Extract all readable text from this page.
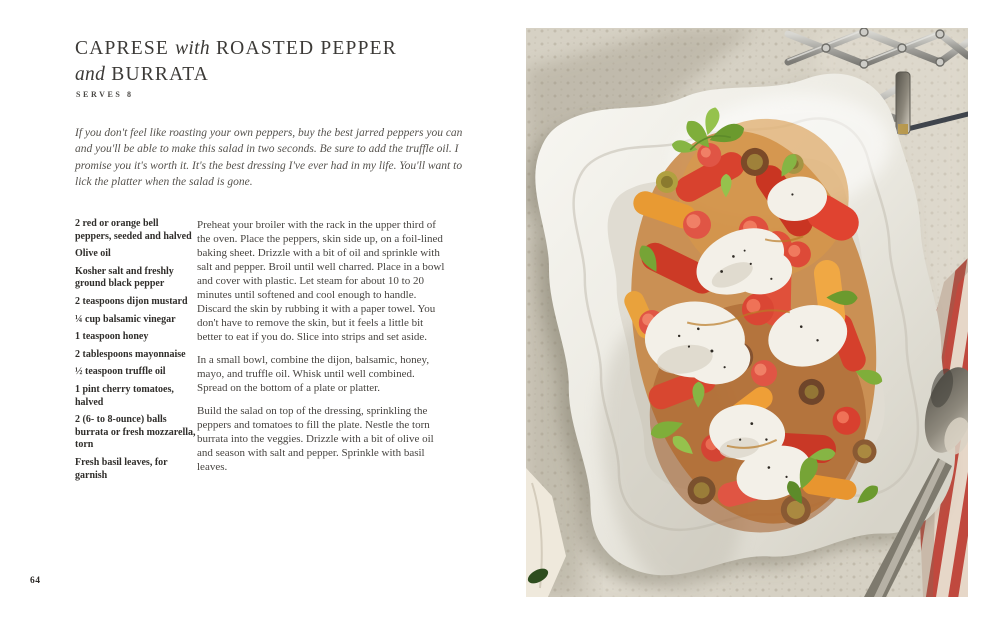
CAPRESE with ROASTED PEPPER
and BURRATA
SERVES 8

If you don't feel like roasting your own peppers, buy the best jarred peppers you can and you'll be able to make this salad in two seconds. Be sure to add the truffle oil. I promise you it's worth it. It's the best dressing I've ever had in my life. You'll want to lick the platter when the salad is gone.

2 red or orange bell peppers, seeded and halved

Olive oil

Kosher salt and freshly ground black pepper

2 teaspoons dijon mustard

¼ cup balsamic vinegar

1 teaspoon honey

2 tablespoons mayonnaise

½ teaspoon truffle oil

1 pint cherry tomatoes, halved

2 (6- to 8-ounce) balls burrata or fresh mozzarella, torn

Fresh basil leaves, for garnish

Preheat your broiler with the rack in the upper third of the oven. Place the peppers, skin side up, on a foil-lined baking sheet. Drizzle with a bit of oil and sprinkle with salt and pepper. Broil until well charred. Place in a bowl and cover with plastic. Let steam for about 10 to 20 minutes until softened and cool enough to handle. Discard the skin by rubbing it with a paper towel. You don't have to remove the skin, but it feels a little bit better to eat if you do. Slice into strips and set aside.

In a small bowl, combine the dijon, balsamic, honey, mayo, and truffle oil. Whisk until well combined. Spread on the bottom of a plate or platter.

Build the salad on top of the dressing, sprinkling the peppers and tomatoes to fill the plate. Nestle the torn burrata into the veggies. Drizzle with a bit of olive oil and season with salt and pepper. Sprinkle with basil leaves.

64
